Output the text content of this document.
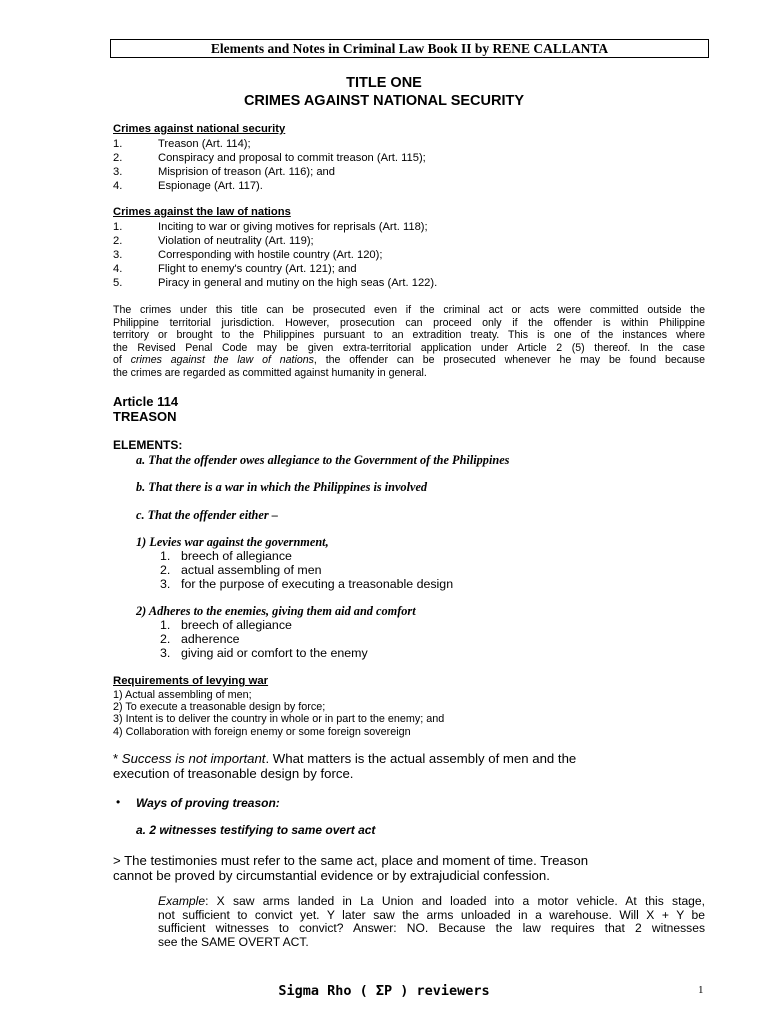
Elements and Notes in Criminal Law Book II by RENE CALLANTA
TITLE ONE
CRIMES AGAINST NATIONAL SECURITY
Crimes against national security
1.	Treason (Art. 114);
2.	Conspiracy and proposal to commit treason (Art. 115);
3.	Misprision of treason (Art. 116); and
4.	Espionage (Art. 117).
Crimes against the law of nations
1.	Inciting to war or giving motives for reprisals (Art. 118);
2.	Violation of neutrality (Art. 119);
3.	Corresponding with hostile country (Art. 120);
4.	Flight to enemy's country (Art. 121); and
5.	Piracy in general and mutiny on the high seas (Art. 122).
The crimes under this title can be prosecuted even if the criminal act or acts were committed outside the
Philippine territorial jurisdiction. However, prosecution can proceed only if the offender is within Philippine
territory or brought to the Philippines pursuant to an extradition treaty. This is one of the instances where
the Revised Penal Code may be given extra-territorial application under Article 2 (5) thereof. In the case
of crimes against the law of nations, the offender can be prosecuted whenever he may be found because
the crimes are regarded as committed against humanity in general.
Article 114
TREASON
ELEMENTS:
a. That the offender owes allegiance to the Government of the Philippines
b. That there is a war in which the Philippines is involved
c. That the offender either –
1) Levies war against the government,
1. breech of allegiance
2. actual assembling of men
3. for the purpose of executing a treasonable design
2) Adheres to the enemies, giving them aid and comfort
1. breech of allegiance
2. adherence
3. giving aid or comfort to the enemy
Requirements of levying war
1) Actual assembling of men;
2) To execute a treasonable design by force;
3) Intent is to deliver the country in whole or in part to the enemy; and
4) Collaboration with foreign enemy or some foreign sovereign
* Success is not important. What matters is the actual assembly of men and the
execution of treasonable design by force.
• Ways of proving treason:
a. 2 witnesses testifying to same overt act
> The testimonies must refer to the same act, place and moment of time. Treason
cannot be proved by circumstantial evidence or by extrajudicial confession.
Example: X saw arms landed in La Union and loaded into a motor vehicle. At this stage,
not sufficient to convict yet. Y later saw the arms unloaded in a warehouse. Will X + Y be
sufficient witnesses to convict? Answer: NO. Because the law requires that 2 witnesses
see the SAME OVERT ACT.
Sigma Rho ( ΣP ) reviewers	1
